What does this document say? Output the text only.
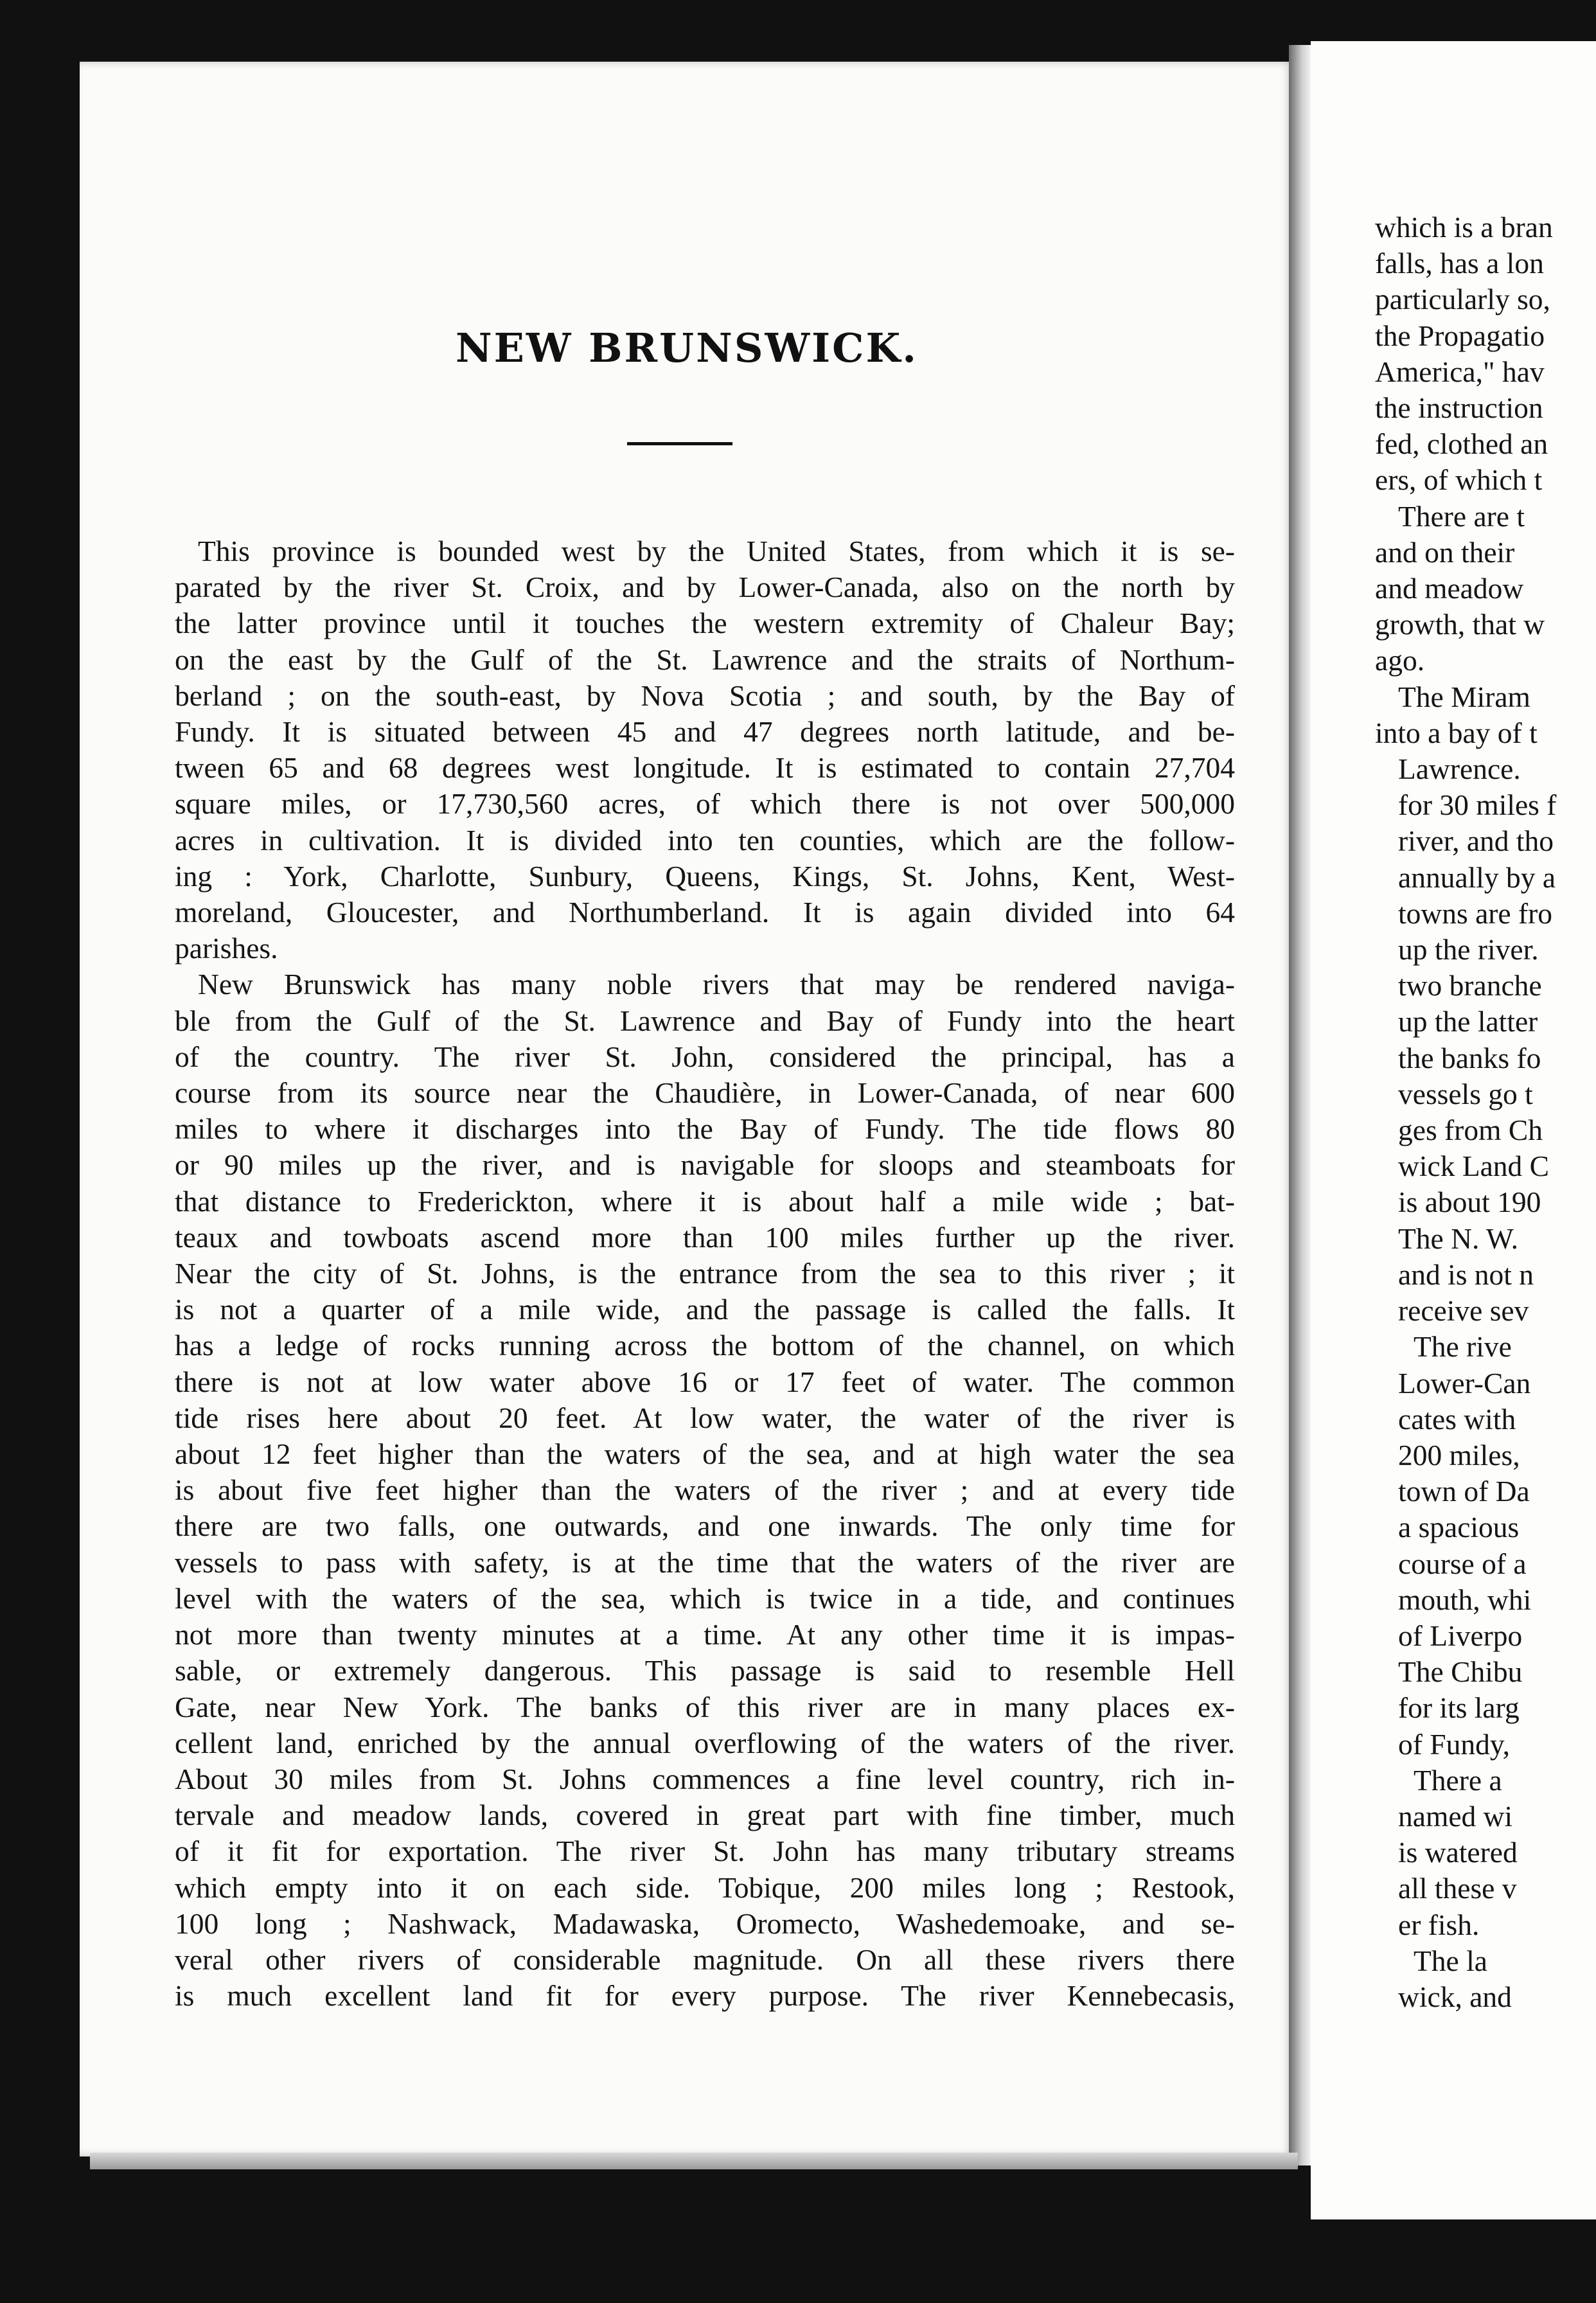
NEW BRUNSWICK.
This province is bounded west by the United States, from which it is se-
parated by the river St. Croix, and by Lower-Canada, also on the north by
the latter province until it touches the western extremity of Chaleur Bay;
on the east by the Gulf of the St. Lawrence and the straits of Northum-
berland ; on the south-east, by Nova Scotia ; and south, by the Bay of
Fundy. It is situated between 45 and 47 degrees north latitude, and be-
tween 65 and 68 degrees west longitude. It is estimated to contain 27,704
square miles, or 17,730,560 acres, of which there is not over 500,000
acres in cultivation. It is divided into ten counties, which are the follow-
ing : York, Charlotte, Sunbury, Queens, Kings, St. Johns, Kent, West-
moreland, Gloucester, and Northumberland. It is again divided into 64
parishes.
New Brunswick has many noble rivers that may be rendered naviga-
ble from the Gulf of the St. Lawrence and Bay of Fundy into the heart
of the country. The river St. John, considered the principal, has a
course from its source near the Chaudière, in Lower-Canada, of near 600
miles to where it discharges into the Bay of Fundy. The tide flows 80
or 90 miles up the river, and is navigable for sloops and steamboats for
that distance to Frederickton, where it is about half a mile wide ; bat-
teaux and towboats ascend more than 100 miles further up the river.
Near the city of St. Johns, is the entrance from the sea to this river ; it
is not a quarter of a mile wide, and the passage is called the falls. It
has a ledge of rocks running across the bottom of the channel, on which
there is not at low water above 16 or 17 feet of water. The common
tide rises here about 20 feet. At low water, the water of the river is
about 12 feet higher than the waters of the sea, and at high water the sea
is about five feet higher than the waters of the river ; and at every tide
there are two falls, one outwards, and one inwards. The only time for
vessels to pass with safety, is at the time that the waters of the river are
level with the waters of the sea, which is twice in a tide, and continues
not more than twenty minutes at a time. At any other time it is impas-
sable, or extremely dangerous. This passage is said to resemble Hell
Gate, near New York. The banks of this river are in many places ex-
cellent land, enriched by the annual overflowing of the waters of the river.
About 30 miles from St. Johns commences a fine level country, rich in-
tervale and meadow lands, covered in great part with fine timber, much
of it fit for exportation. The river St. John has many tributary streams
which empty into it on each side. Tobique, 200 miles long ; Restook,
100 long ; Nashwack, Madawaska, Oromecto, Washedemoake, and se-
veral other rivers of considerable magnitude. On all these rivers there
is much excellent land fit for every purpose. The river Kennebecasis,
which is a bran
falls, has a lon
particularly so,
the Propagatio
America," hav
the instruction
fed, clothed an
ers, of which t
There are t
and on their
and meadow
growth, that w
ago.
The Miram
into a bay of t
Lawrence.
for 30 miles f
river, and tho
annually by a
towns are fro
up the river.
two branche
up the latter
the banks fo
vessels go t
ges from Ch
wick Land C
is about 190
The N. W.
and is not n
receive sev
The rive
Lower-Can
cates with
200 miles,
town of Da
a spacious
course of a
mouth, whi
of Liverpo
The Chibu
for its larg
of Fundy,
There a
named wi
is watered
all these v
er fish.
The la
wick, and
